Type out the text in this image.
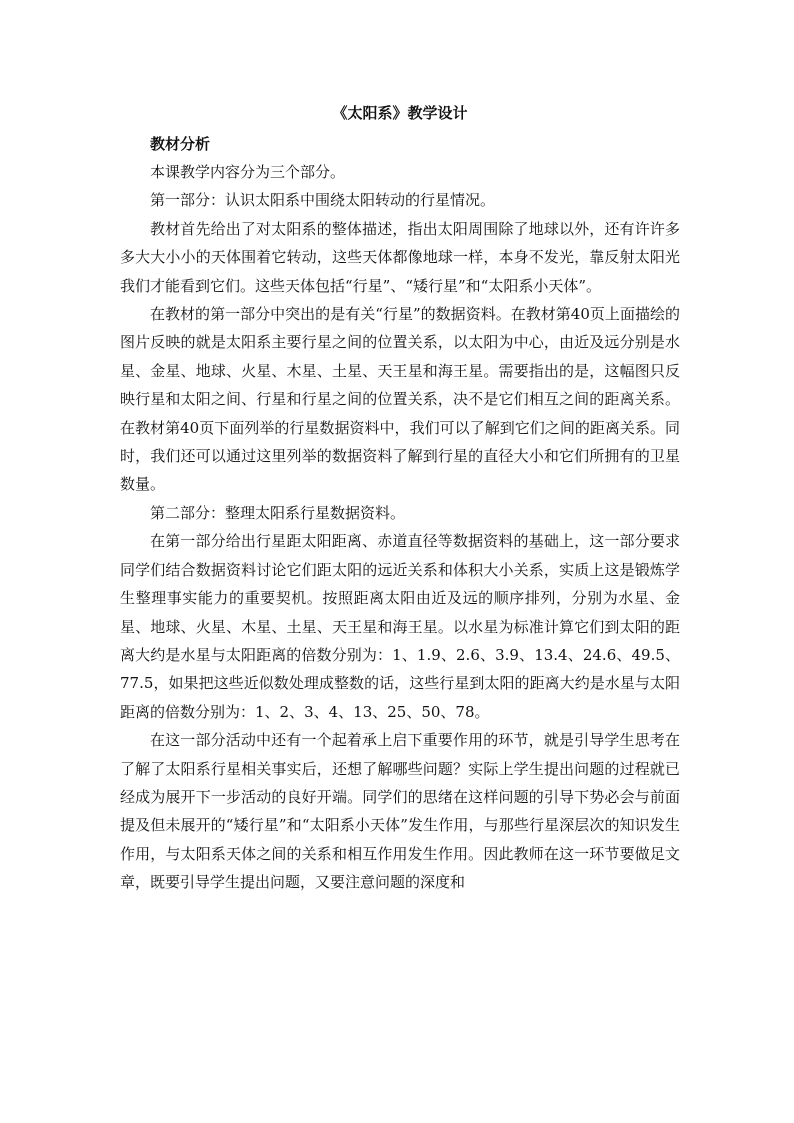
《太阳系》教学设计

教材分析

本课教学内容分为三个部分。

第一部分：认识太阳系中围绕太阳转动的行星情况。

教材首先给出了对太阳系的整体描述，指出太阳周围除了地球以外，还有许许多多大大小小的天体围着它转动，这些天体都像地球一样，本身不发光，靠反射太阳光我们才能看到它们。这些天体包括“行星”、“矮行星”和“太阳系小天体”。

在教材的第一部分中突出的是有关“行星”的数据资料。在教材第40页上面描绘的图片反映的就是太阳系主要行星之间的位置关系，以太阳为中心，由近及远分别是水星、金星、地球、火星、木星、土星、天王星和海王星。需要指出的是，这幅图只反映行星和太阳之间、行星和行星之间的位置关系，决不是它们相互之间的距离关系。在教材第40页下面列举的行星数据资料中，我们可以了解到它们之间的距离关系。同时，我们还可以通过这里列举的数据资料了解到行星的直径大小和它们所拥有的卫星数量。

第二部分：整理太阳系行星数据资料。

在第一部分给出行星距太阳距离、赤道直径等数据资料的基础上，这一部分要求同学们结合数据资料讨论它们距太阳的远近关系和体积大小关系，实质上这是锻炼学生整理事实能力的重要契机。按照距离太阳由近及远的顺序排列，分别为水星、金星、地球、火星、木星、土星、天王星和海王星。以水星为标准计算它们到太阳的距离大约是水星与太阳距离的倍数分别为：1、1.9、2.6、3.9、13.4、24.6、49.5、77.5，如果把这些近似数处理成整数的话，这些行星到太阳的距离大约是水星与太阳距离的倍数分别为：1、2、3、4、13、25、50、78。

在这一部分活动中还有一个起着承上启下重要作用的环节，就是引导学生思考在了解了太阳系行星相关事实后，还想了解哪些问题？实际上学生提出问题的过程就已经成为展开下一步活动的良好开端。同学们的思绪在这样问题的引导下势必会与前面提及但未展开的“矮行星”和“太阳系小天体”发生作用，与那些行星深层次的知识发生作用，与太阳系天体之间的关系和相互作用发生作用。因此教师在这一环节要做足文章，既要引导学生提出问题，又要注意问题的深度和
